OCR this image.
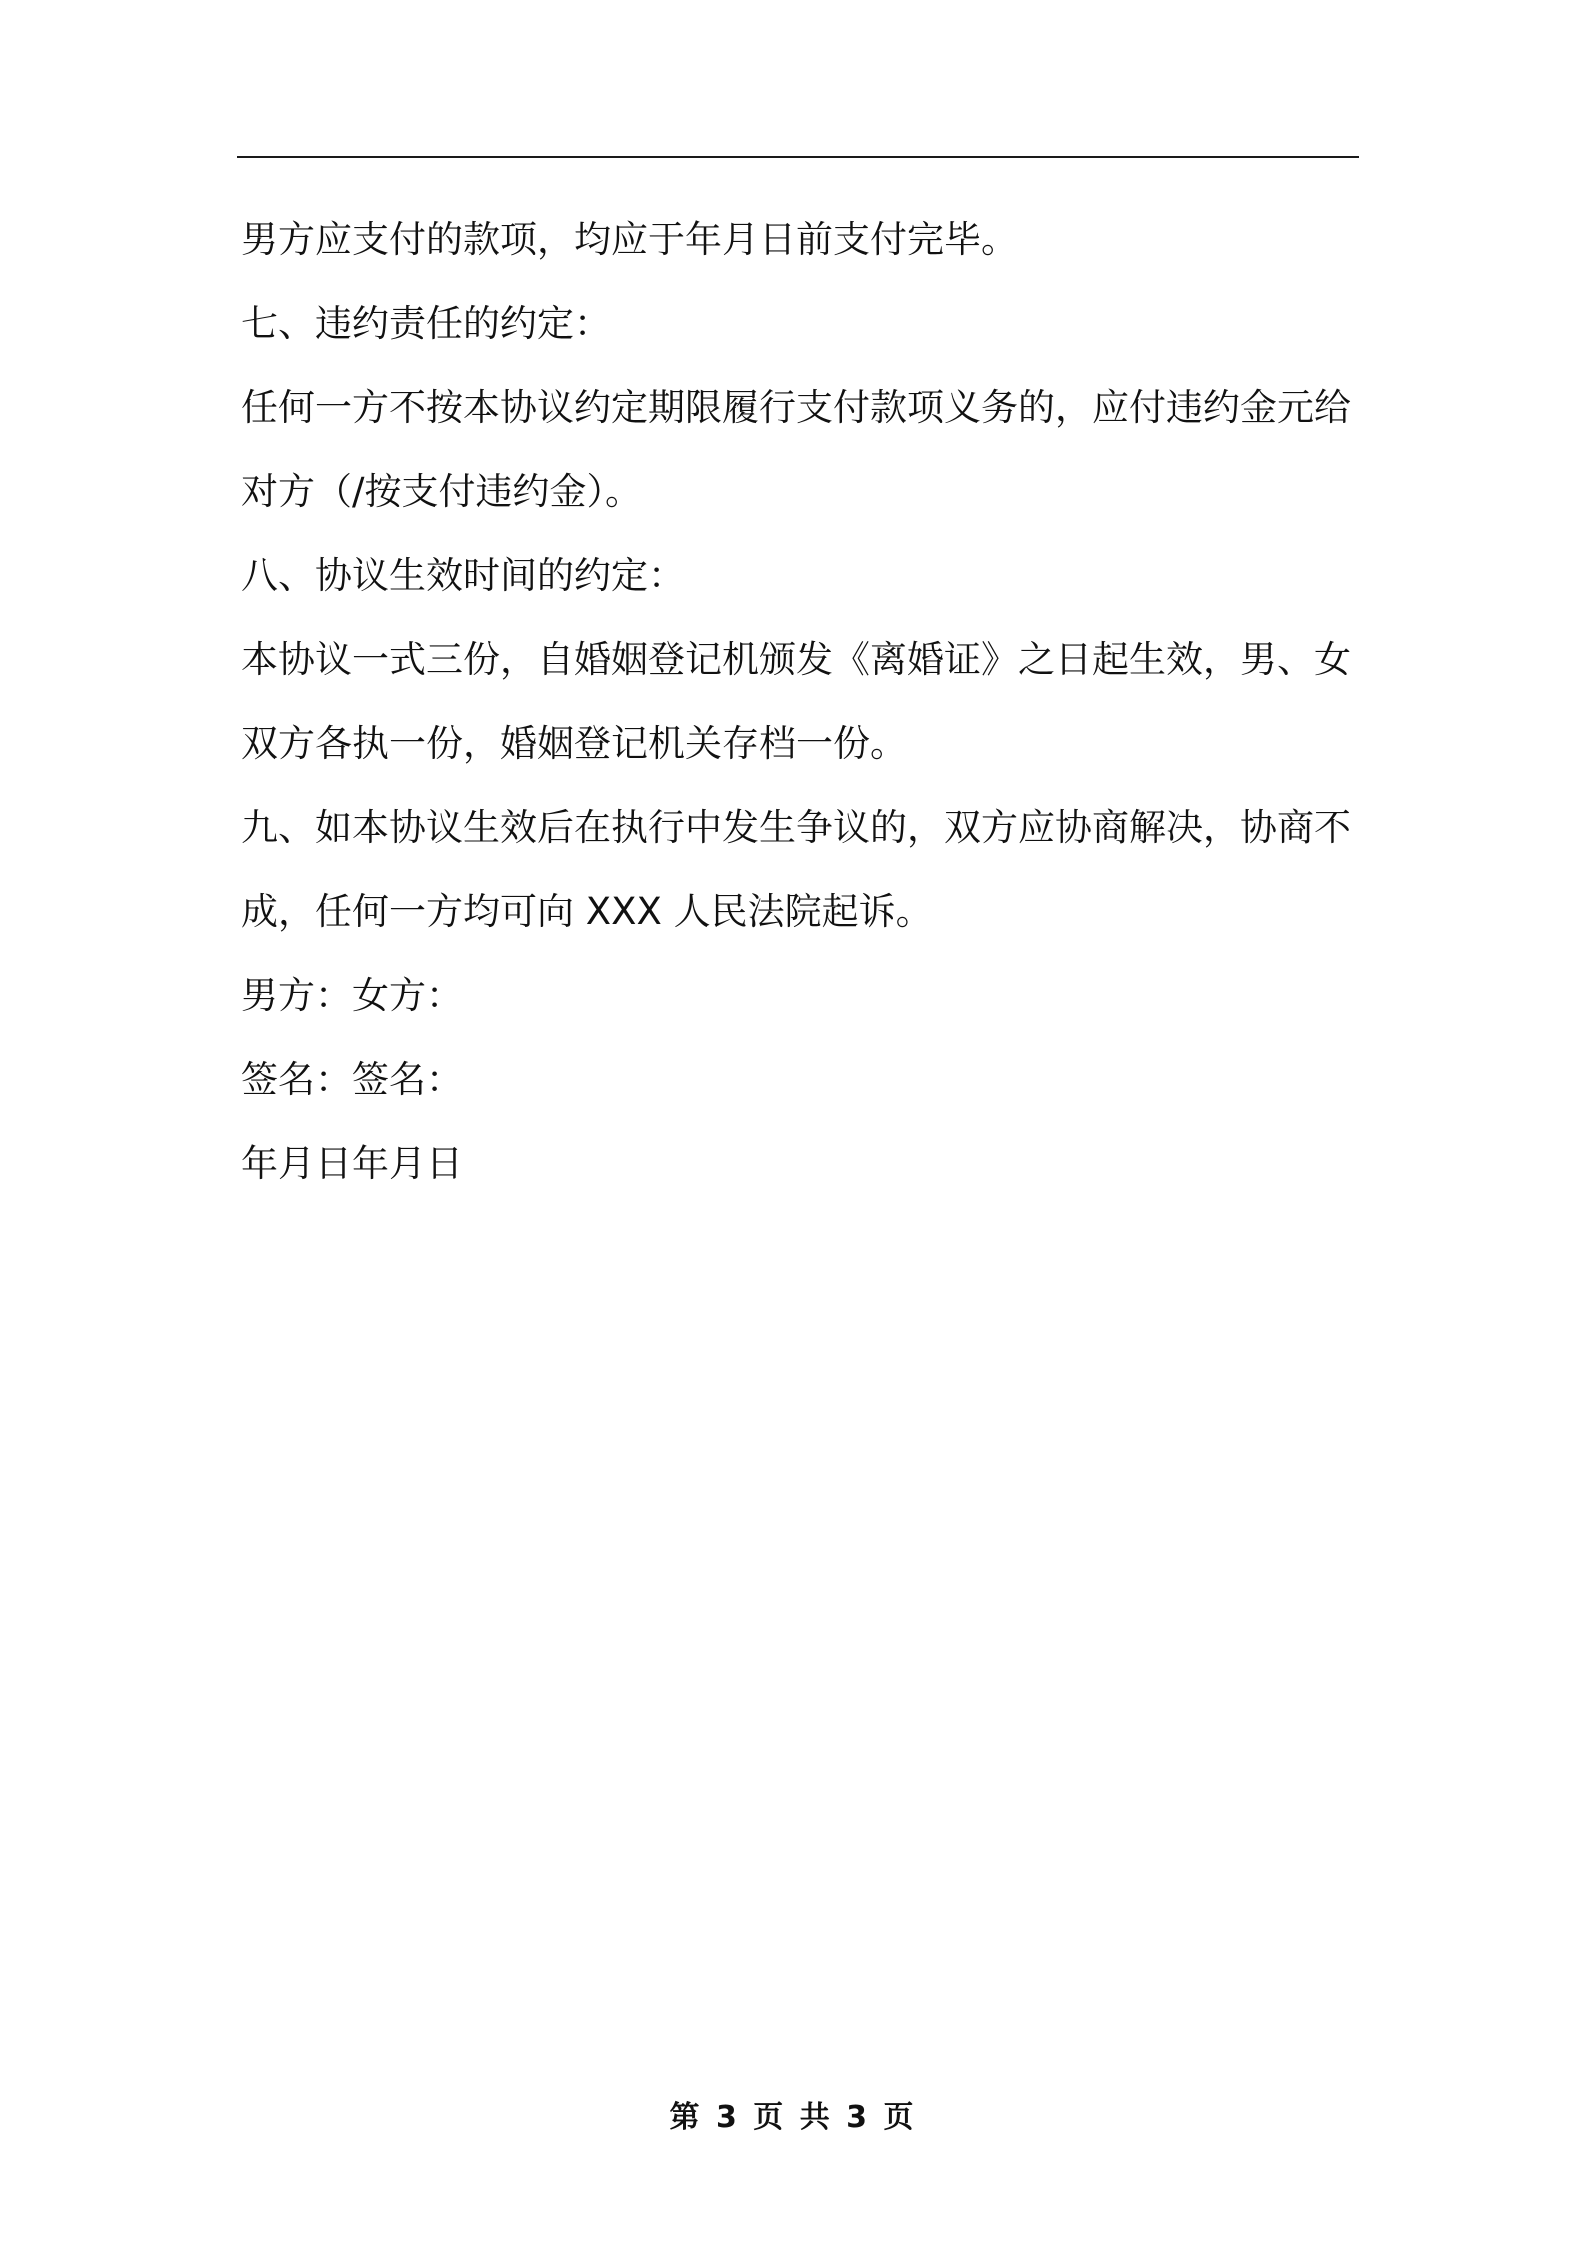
男方应支付的款项，均应于年月日前支付完毕。
七、违约责任的约定：
任何一方不按本协议约定期限履行支付款项义务的，应付违约金元给
对方（/按支付违约金）。
八、协议生效时间的约定：
本协议一式三份，自婚姻登记机颁发《离婚证》之日起生效，男、女
双方各执一份，婚姻登记机关存档一份。
九、如本协议生效后在执行中发生争议的，双方应协商解决，协商不
成，任何一方均可向 XXX 人民法院起诉。
男方：女方：
签名：签名：
年月日年月日
第 3 页 共 3 页
